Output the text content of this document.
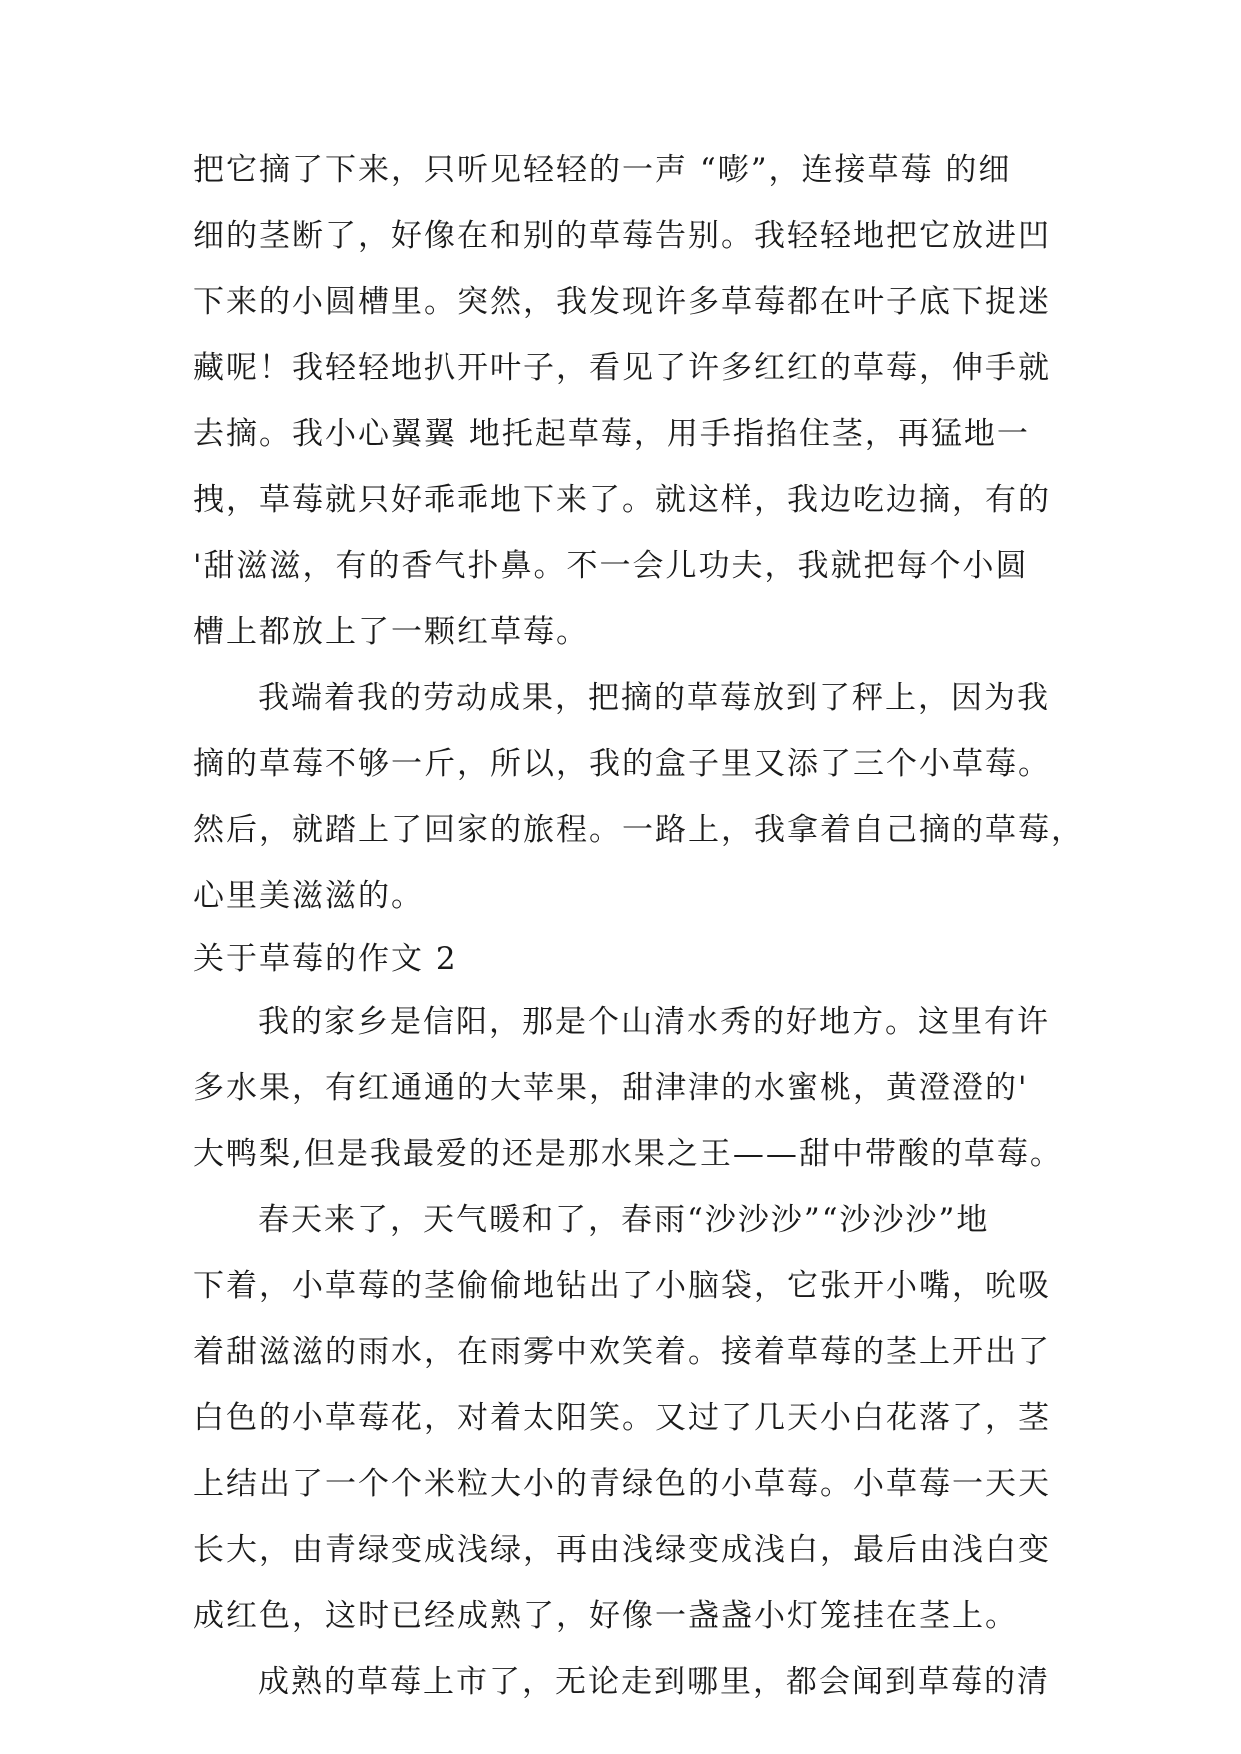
把它摘了下来，只听见轻轻的一声 “嘭”，连接草莓 的细
细的茎断了，好像在和别的草莓告别。我轻轻地把它放进凹
下来的小圆槽里。突然，我发现许多草莓都在叶子底下捉迷
藏呢！我轻轻地扒开叶子，看见了许多红红的草莓，伸手就
去摘。我小心翼翼 地托起草莓，用手指掐住茎，再猛地一
拽，草莓就只好乖乖地下来了。就这样，我边吃边摘，有的
'甜滋滋，有的香气扑鼻。不一会儿功夫，我就把每个小圆
槽上都放上了一颗红草莓。
我端着我的劳动成果，把摘的草莓放到了秤上，因为我
摘的草莓不够一斤，所以，我的盒子里又添了三个小草莓。
然后，就踏上了回家的旅程。一路上，我拿着自己摘的草莓，
心里美滋滋的。
关于草莓的作文 2
我的家乡是信阳，那是个山清水秀的好地方。这里有许
多水果，有红通通的大苹果，甜津津的水蜜桃，黄澄澄的'
大鸭梨,但是我最爱的还是那水果之王——甜中带酸的草莓。
春天来了，天气暖和了，春雨“沙沙沙”“沙沙沙”地
下着，小草莓的茎偷偷地钻出了小脑袋，它张开小嘴，吮吸
着甜滋滋的雨水，在雨雾中欢笑着。接着草莓的茎上开出了
白色的小草莓花，对着太阳笑。又过了几天小白花落了，茎
上结出了一个个米粒大小的青绿色的小草莓。小草莓一天天
长大，由青绿变成浅绿，再由浅绿变成浅白，最后由浅白变
成红色，这时已经成熟了，好像一盏盏小灯笼挂在茎上。
成熟的草莓上市了，无论走到哪里，都会闻到草莓的清
